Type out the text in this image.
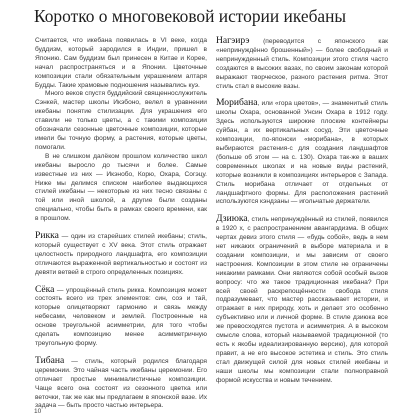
Коротко о многовековой истории икебаны

Считается, что икебана появилась в VI веке, когда буддизм, который зародился в Индии, пришел в Японию. Сам буддизм был принесен в Китае и Корее, начал распространяться и в Японии. Цветочные композиции стали обязательным украшением алтаря Будды. Такие храмовые подношения назывались куэ.

Много веков спустя буддийский священнослужитель Сэнкей, мастер школы Икэбоно, велел в уравнении икебаны понятие стилизации. Для украшения его ставили не только цветы, а с такими композиции обозначали сезонные цветочные композиции, которые имели бы точную форму, а растения, которые цветы, помогали.

В не слишком далёком прошлом количество школ икебаны выросло до тысячи и более. Самые известные из них — Икэнобо, Корю, Охара, Согэцу. Ниже мы делимся списком наиболее выдающихся стилей икебаны — некоторые из них тесно связаны с той или иной школой, а другие были созданы специально, чтобы быть в рамках своего времени, как в прошлом.

Рикка — один из старейших стилей икебаны; стиль, который существует с XV века. Этот стиль отражает целостность природного ландшафта, его композиции отличаются выраженной вертикальностью и состоят из девяти ветвей в строго определенных позициях.

Сёка — упрощённый стиль рикка. Композиция может состоять всего из трех элементов: син, соэ и тай, которые олицетворяют гармонию и связь между небесами, человеком и землей. Построенные на основе треугольной асимметрии, для того чтобы сделать композицию менее асимметричную треугольную форму.

Тибана — стиль, который родился благодаря церемонии. Это чайная часть икебаны церемонии. Его отличает простые минималистичные композиции. Чаще всего она состоят из сезонного цветка или веточки, так же как мы предлагаем в японской вазе. Их задача — быть просто частью интерьера.

Нагэирэ (переводится с японского как «непринуждённо брошенный») — более свободный и непринужденный стиль. Композиции этого стиля часто создаются в высоких вазах, по своим законам которой выражают творческое, разного растения ритма. Этот стиль стал в высокие вазы.

Морибана, или «гора цветов», — знаменитый стиль школы Охара, основанной Унсин Охара в 1912 году. Здесь используются широкие плоские контейнеры суйбан, а их вертикальных сосуд. Эти цветочные композиции, по-японски «морибана», в которых выбираются растения-с для создания ландшафтов (больше об этом — на с. 130). Охара так-же в ваших современных школах и на новые виды растений, которые возникли в композициях интерьеров с Запада. Стиль морибана отличает от отдельных от ландшафтного формы. Для расположения растений используются кэндзаны — игольчатые держатели.

Дзиюка, стиль непринуждённый из стилей, появился в 1920 х, с распространением авангардизма. В общих чертах девиз этого стиля — «будь собой», ведь в нем нет никаких ограничений в выборе материала и в создании композиции, и мы зависим от своего настроения. Композиции в этом стиле не ограничены никакими рамками. Они являются собой особый вызов вопросу: что же такое традиционная икебана? При всей своей раскрепощённости свобода стиля подразумевает, что мастер рассказывает истории, и отражает в них природу, хоть и делает это особенно субъективно или и личной форме. В стиле дзиюка все же превосходятся пустота и асимметрия. А в высоком смысле слова, который называемой традиционной (то есть к якобы идеализированную версию), для которой правит, а не его высокое эстетика и стиль. Это стиль стал движущей силой для новых стилей икебаны и наши школы мы композиции стали полноправной формой искусства и новым течением.

10
